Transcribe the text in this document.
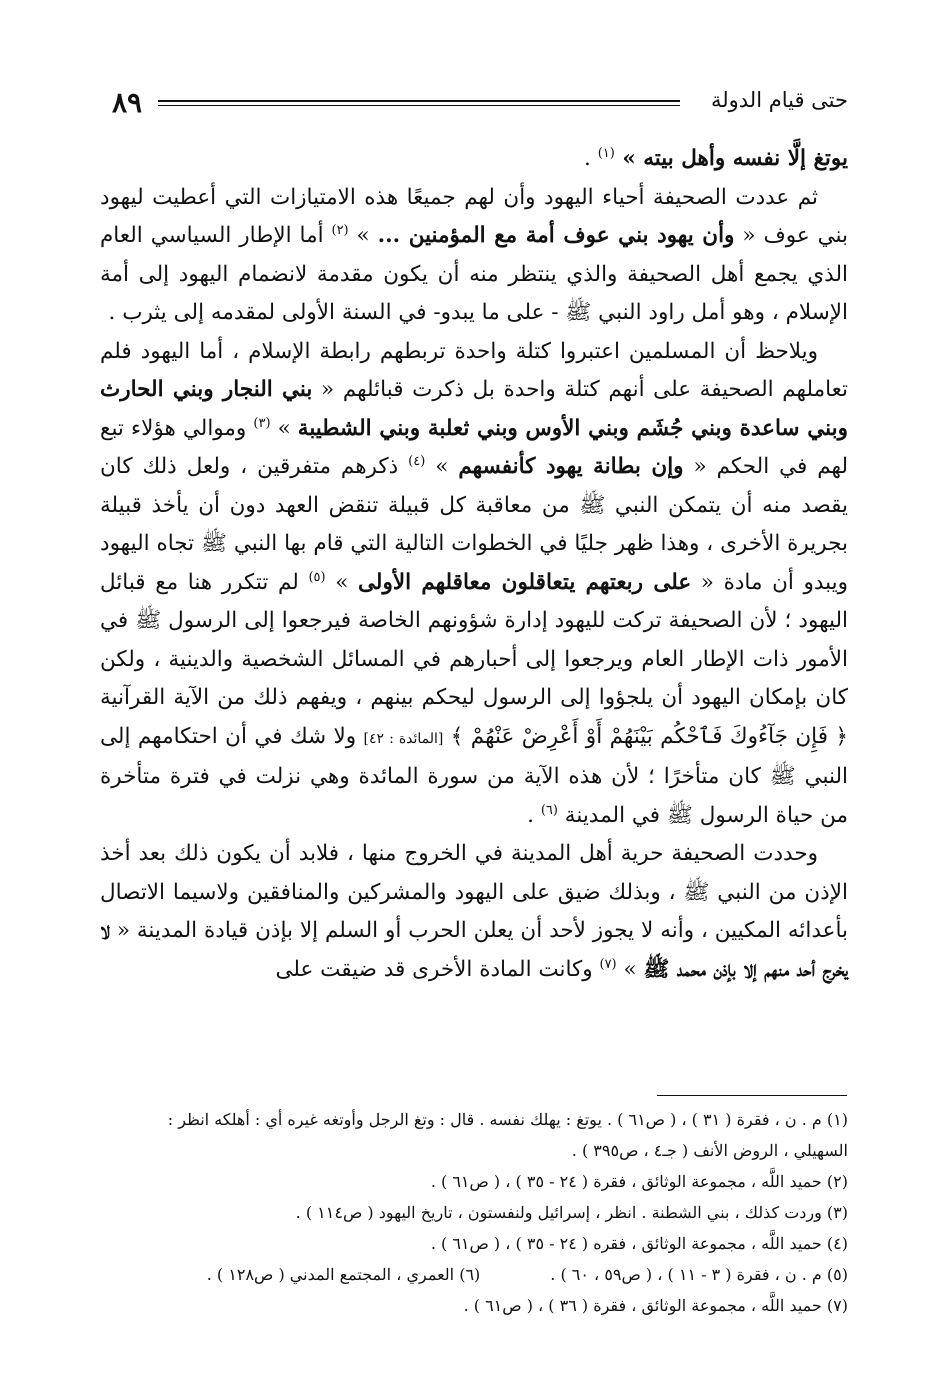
٨٩	حتى قيام الدولة

يوتغ إلَّا نفسه وأهل بيته » $^{(١)}$ .

ثم عددت الصحيفة أحياء اليهود وأن لهم جميعًا هذه الامتيازات التي أعطيت ليهود بني عوف « وأن يهود بني عوف أمة مع المؤمنين ... » $^{(٢)}$ أما الإطار السياسي العام الذي يجمع أهل الصحيفة والذي ينتظر منه أن يكون مقدمة لانضمام اليهود إلى أمة الإسلام ، وهو أمل راود النبي ﷺ - على ما يبدو- في السنة الأولى لمقدمه إلى يثرب .

ويلاحظ أن المسلمين اعتبروا كتلة واحدة تربطهم رابطة الإسلام ، أما اليهود فلم تعاملهم الصحيفة على أنهم كتلة واحدة بل ذكرت قبائلهم « بني النجار وبني الحارث وبني ساعدة وبني جُشَم وبني الأوس وبني ثعلبة وبني الشطيبة » $^{(٣)}$ وموالي هؤلاء تبع لهم في الحكم « وإن بطانة يهود كأنفسهم » $^{(٤)}$ ذكرهم متفرقين ، ولعل ذلك كان يقصد منه أن يتمكن النبي ﷺ من معاقبة كل قبيلة تنقض العهد دون أن يأخذ قبيلة بجريرة الأخرى ، وهذا ظهر جليًا في الخطوات التالية التي قام بها النبي ﷺ تجاه اليهود ويبدو أن مادة « على ربعتهم يتعاقلون معاقلهم الأولى » $^{(٥)}$ لم تتكرر هنا مع قبائل اليهود ؛ لأن الصحيفة تركت لليهود إدارة شؤونهم الخاصة فيرجعوا إلى الرسول ﷺ في الأمور ذات الإطار العام ويرجعوا إلى أحبارهم في المسائل الشخصية والدينية ، ولكن كان بإمكان اليهود أن يلجؤوا إلى الرسول ليحكم بينهم ، ويفهم ذلك من الآية القرآنية ﴿ فَإِن جَآءُوكَ فَٱحْكُم بَيْنَهُمْ أَوْ أَعْرِضْ عَنْهُمْ ﴾ [المائدة : ٤٢] ولا شك في أن احتكامهم إلى النبي ﷺ كان متأخرًا ؛ لأن هذه الآية من سورة المائدة وهي نزلت في فترة متأخرة من حياة الرسول ﷺ في المدينة $^{(٦)}$ .

وحددت الصحيفة حرية أهل المدينة في الخروج منها ، فلابد أن يكون ذلك بعد أخذ الإذن من النبي ﷺ ، وبذلك ضيق على اليهود والمشركين والمنافقين ولاسيما الاتصال بأعدائه المكيين ، وأنه لا يجوز لأحد أن يعلن الحرب أو السلم إلا بإذن قيادة المدينة « لا يخرج أحد منهم إلا بإذن محمد ﷺ » $^{(٧)}$ وكانت المادة الأخرى قد ضيقت على

(١) م . ن ، فقرة ( ٣١ ) ، ( ص٦١ ) . يوتغ : يهلك نفسه . قال : وتغ الرجل وأوتغه غيره أي : أهلكه انظر :

السهيلي ، الروض الأنف ( جـ٤ ، ص٣٩٥ ) .

(٢) حميد اللَّه ، مجموعة الوثائق ، فقرة ( ٢٤ - ٣٥ ) ، ( ص٦١ ) .

(٣) وردت كذلك ، بني الشطنة . انظر ، إسرائيل ولنفستون ، تاريخ اليهود ( ص١١٤ ) .

(٤) حميد اللَّه ، مجموعة الوثائق ، فقره ( ٢٤ - ٣٥ ) ، ( ص٦١ ) .

(٥) م . ن ، فقرة ( ٣ - ١١ ) ، ( ص٥٩ ، ٦٠ ) .
(٦) العمري ، المجتمع المدني ( ص١٢٨ ) .

(٧) حميد اللَّه ، مجموعة الوثائق ، فقرة ( ٣٦ ) ، ( ص٦١ ) .
